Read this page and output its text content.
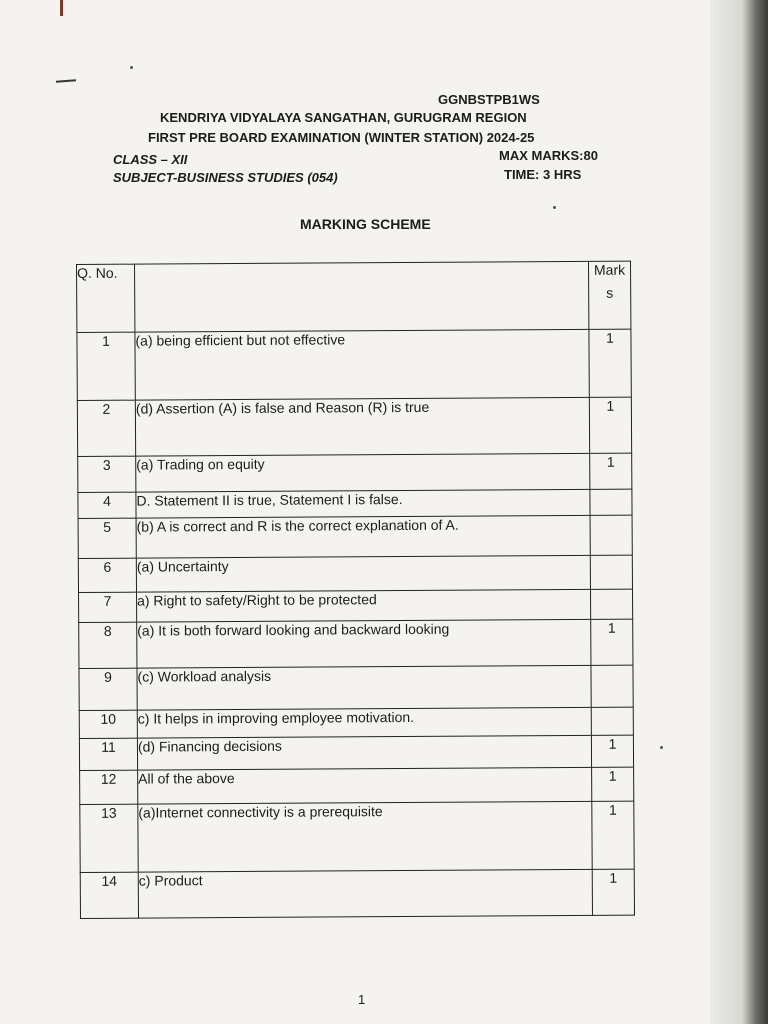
GGNBSTPB1WS
KENDRIYA VIDYALAYA SANGATHAN, GURUGRAM REGION
FIRST PRE BOARD EXAMINATION (WINTER STATION) 2024-25
CLASS – XII	MAX MARKS:80
SUBJECT-BUSINESS STUDIES (054)	TIME: 3 HRS
MARKING SCHEME
Q. No.		Mark
s

1	(a) being efficient but not effective	1
2	(d) Assertion (A) is false and Reason (R) is true	1
3	(a) Trading on equity	1
4	D. Statement II is true, Statement I is false.	
5	(b) A is correct and R is the correct explanation of A.	
6	(a) Uncertainty	
7	a) Right to safety/Right to be protected	
8	(a) It is both forward looking and backward looking	1
9	(c) Workload analysis	
10	c) It helps in improving employee motivation.	
11	(d) Financing decisions	1
12	All of the above	1
13	(a)Internet connectivity is a prerequisite	1
14	c) Product	1
1
